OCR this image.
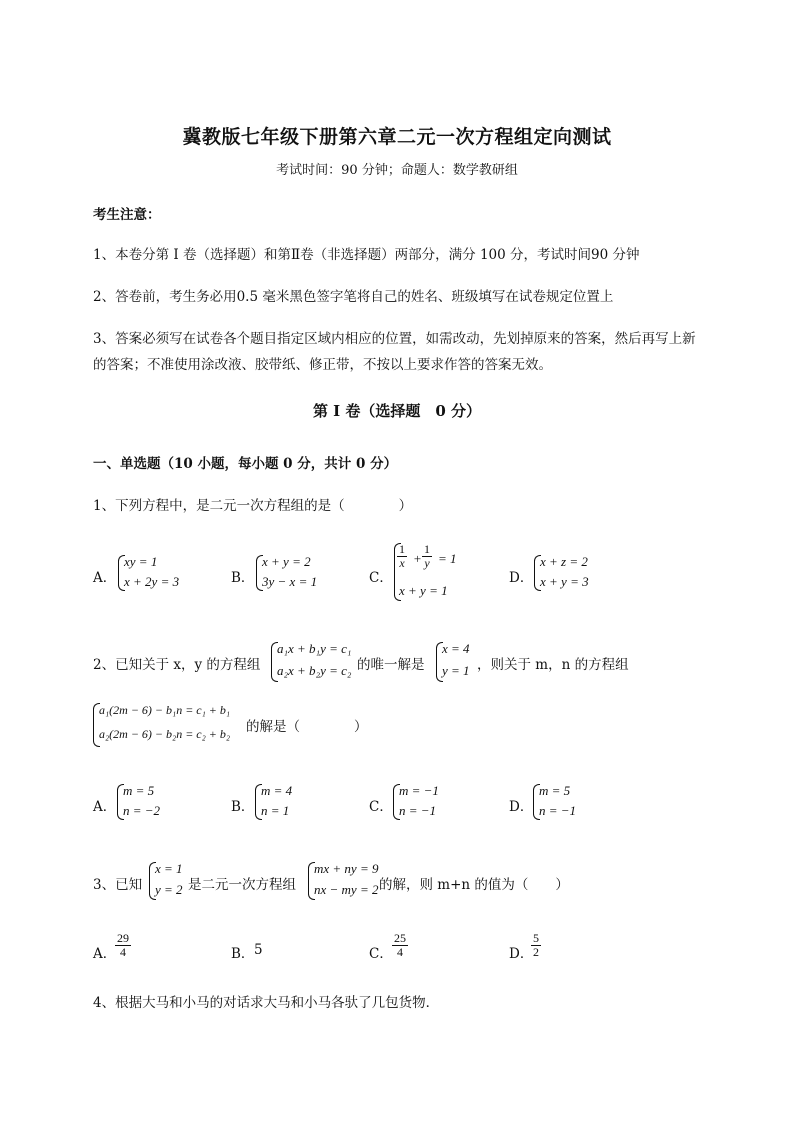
冀教版七年级下册第六章二元一次方程组定向测试
考试时间：90 分钟；命题人：数学教研组
考生注意：
1、本卷分第 I 卷（选择题）和第Ⅱ卷（非选择题）两部分，满分 100 分，考试时间90 分钟
2、答卷前，考生务必用0.5 毫米黑色签字笔将自己的姓名、班级填写在试卷规定位置上
3、答案必须写在试卷各个题目指定区域内相应的位置，如需改动，先划掉原来的答案，然后再写上新
的答案；不准使用涂改液、胶带纸、修正带，不按以上要求作答的答案无效。
第 I 卷（选择题　0 分）
一、单选题（10 小题，每小题 0 分，共计 0 分）
1、下列方程中，是二元一次方程组的是（　　　　）
A．
xy = 1
x + 2y = 3	B．
x + y = 2
3y − x = 1	C．
$\frac{1}{x} + \frac{1}{y} = 1$
x + y = 1
D．
x + z = 2
x + y = 3
2、已知关于 x，y 的方程组
a₁x + b₁y = c₁
a₂x + b₂y = c₂ 的唯一解是
x = 4
y = 1 ，则关于 m，n 的方程组
a₁(2m − 6) − b₁n = c₁ + b₁
a₂(2m − 6) − b₂n = c₂ + b₂ 的解是（　　　　）
A．
m = 5
n = −2	B．
m = 4
n = 1	C．
m = −1
n = −1	D．
m = 5
n = −1
3、已知
x = 1
y = 2 是二元一次方程组
mx + ny = 9
nx − my = 2 的解，则 m+n 的值为（　　）
A．
$\frac{29}{4}$	B． 5	C． $\frac{25}{4}$	D．
$\frac{5}{2}$
4、根据大马和小马的对话求大马和小马各驮了几包货物．
